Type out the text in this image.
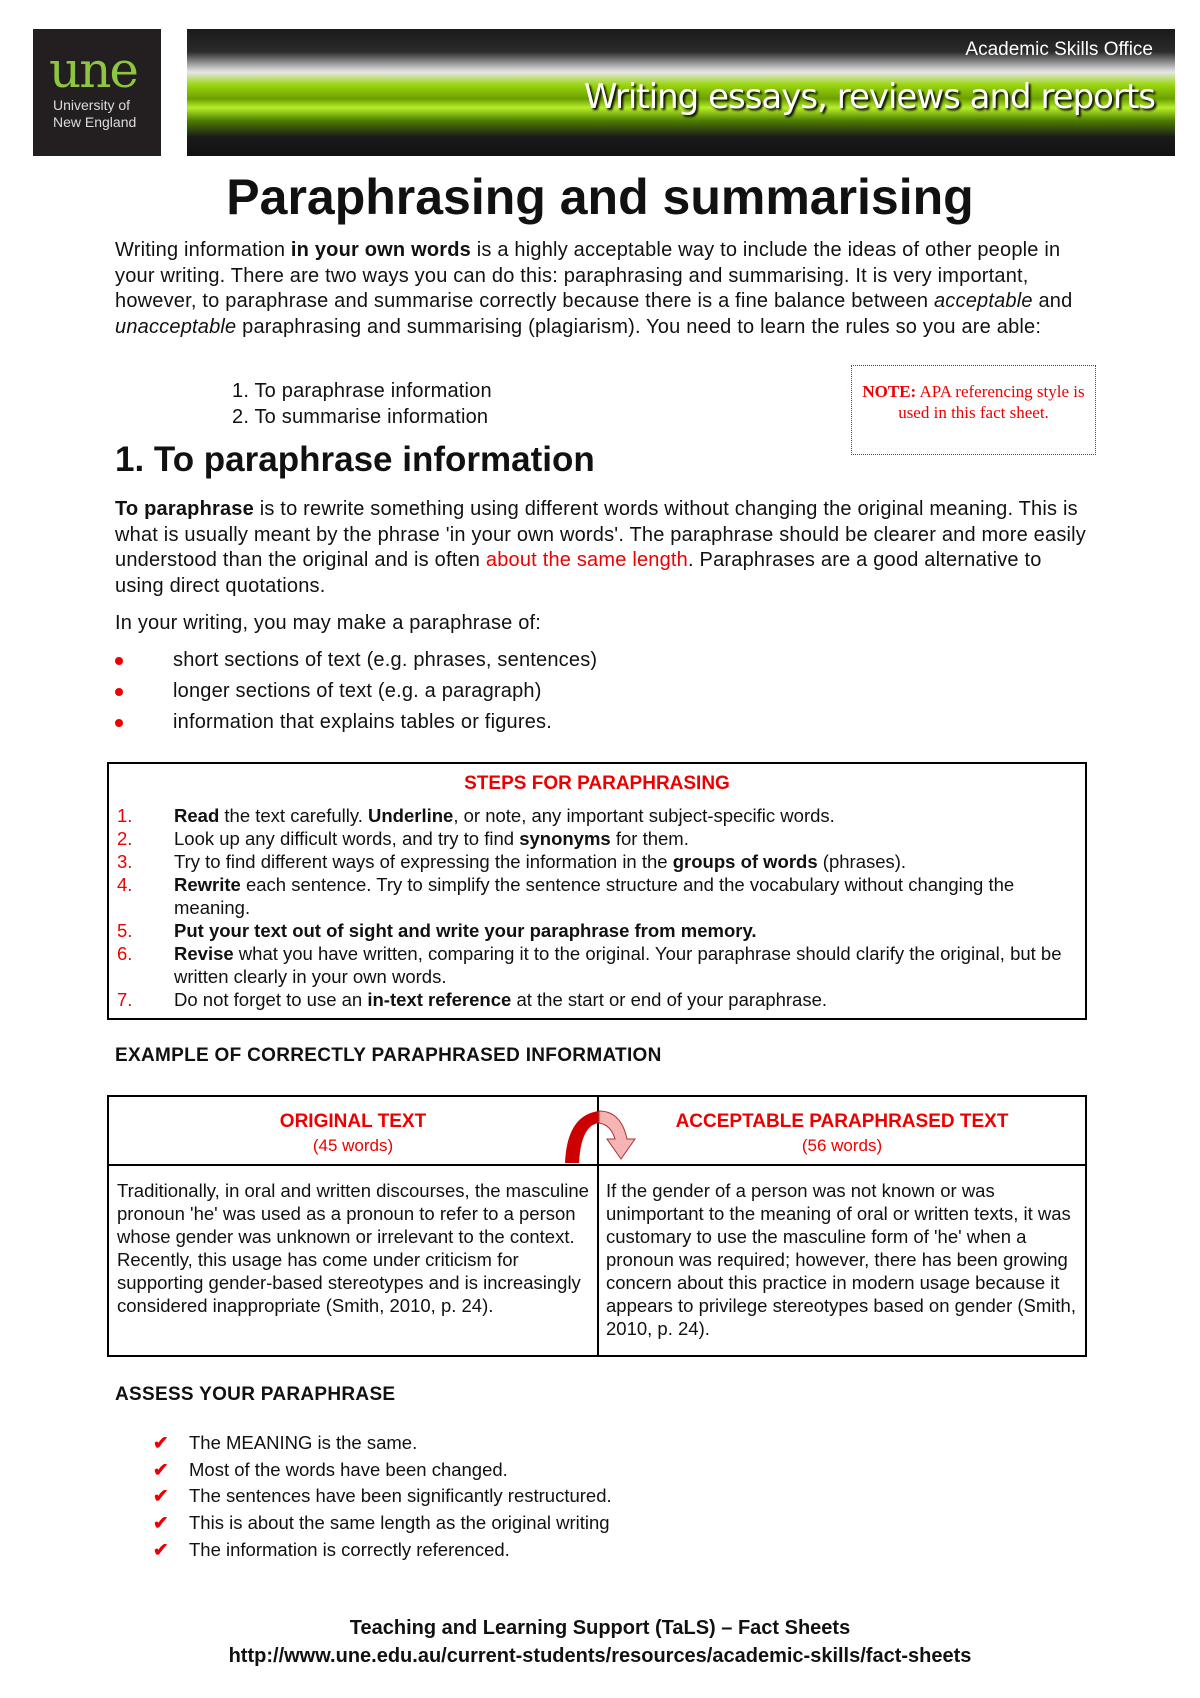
une
University of
New England
Academic Skills Office
Writing essays, reviews and reports
Paraphrasing and summarising

Writing information in your own words is a highly acceptable way to include the ideas of other people in your writing. There are two ways you can do this: paraphrasing and summarising. It is very important, however, to paraphrase and summarise correctly because there is a fine balance between acceptable and unacceptable paraphrasing and summarising (plagiarism). You need to learn the rules so you are able:

1. To paraphrase information
2. To summarise information
NOTE: APA referencing style is used in this fact sheet.
1. To paraphrase information

To paraphrase is to rewrite something using different words without changing the original meaning. This is what is usually meant by the phrase 'in your own words'. The paraphrase should be clearer and more easily understood than the original and is often about the same length. Paraphrases are a good alternative to using direct quotations.

In your writing, you may make a paraphrase of:

short sections of text (e.g. phrases, sentences)
longer sections of text (e.g. a paragraph)
information that explains tables or figures.
STEPS FOR PARAPHRASING
1. Read the text carefully. Underline, or note, any important subject-specific words.
2. Look up any difficult words, and try to find synonyms for them.
3. Try to find different ways of expressing the information in the groups of words (phrases).
4. Rewrite each sentence. Try to simplify the sentence structure and the vocabulary without changing the meaning.
5. Put your text out of sight and write your paraphrase from memory.
6. Revise what you have written, comparing it to the original. Your paraphrase should clarify the original, but be written clearly in your own words.
7. Do not forget to use an in-text reference at the start or end of your paraphrase.
EXAMPLE OF CORRECTLY PARAPHRASED INFORMATION
ORIGINAL TEXT
(45 words)
ACCEPTABLE PARAPHRASED TEXT
(56 words)
Traditionally, in oral and written discourses, the masculine pronoun 'he' was used as a pronoun to refer to a person whose gender was unknown or irrelevant to the context. Recently, this usage has come under criticism for supporting gender-based stereotypes and is increasingly considered inappropriate (Smith, 2010, p. 24).
If the gender of a person was not known or was unimportant to the meaning of oral or written texts, it was customary to use the masculine form of 'he' when a pronoun was required; however, there has been growing concern about this practice in modern usage because it appears to privilege stereotypes based on gender (Smith, 2010, p. 24).
ASSESS YOUR PARAPHRASE
✔ The MEANING is the same.
✔ Most of the words have been changed.
✔ The sentences have been significantly restructured.
✔ This is about the same length as the original writing
✔ The information is correctly referenced.
Teaching and Learning Support (TaLS) – Fact Sheets
http://www.une.edu.au/current-students/resources/academic-skills/fact-sheets
